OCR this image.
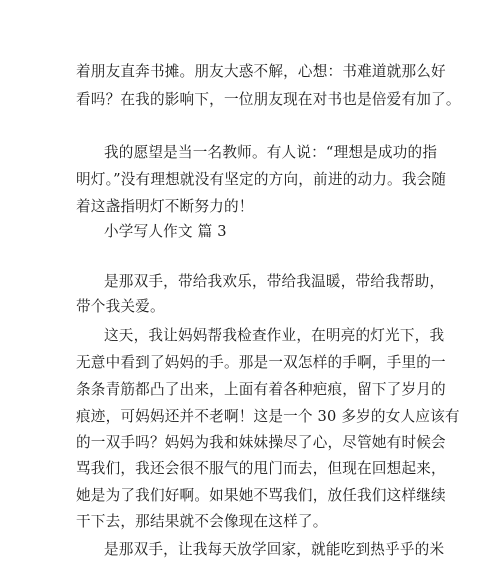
着朋友直奔书摊。朋友大惑不解，心想：书难道就那么好
看吗？在我的影响下，一位朋友现在对书也是倍爱有加了。
我的愿望是当一名教师。有人说：“理想是成功的指
明灯。”没有理想就没有坚定的方向，前进的动力。我会随
着这盏指明灯不断努力的！
小学写人作文 篇 3
是那双手，带给我欢乐，带给我温暖，带给我帮助，
带个我关爱。
这天，我让妈妈帮我检查作业，在明亮的灯光下，我
无意中看到了妈妈的手。那是一双怎样的手啊，手里的一
条条青筋都凸了出来，上面有着各种疤痕，留下了岁月的
痕迹，可妈妈还并不老啊！这是一个 30 多岁的女人应该有
的一双手吗？妈妈为我和妹妹操尽了心，尽管她有时候会
骂我们，我还会很不服气的甩门而去，但现在回想起来，
她是为了我们好啊。如果她不骂我们，放任我们这样继续
干下去，那结果就不会像现在这样了。
是那双手，让我每天放学回家，就能吃到热乎乎的米
